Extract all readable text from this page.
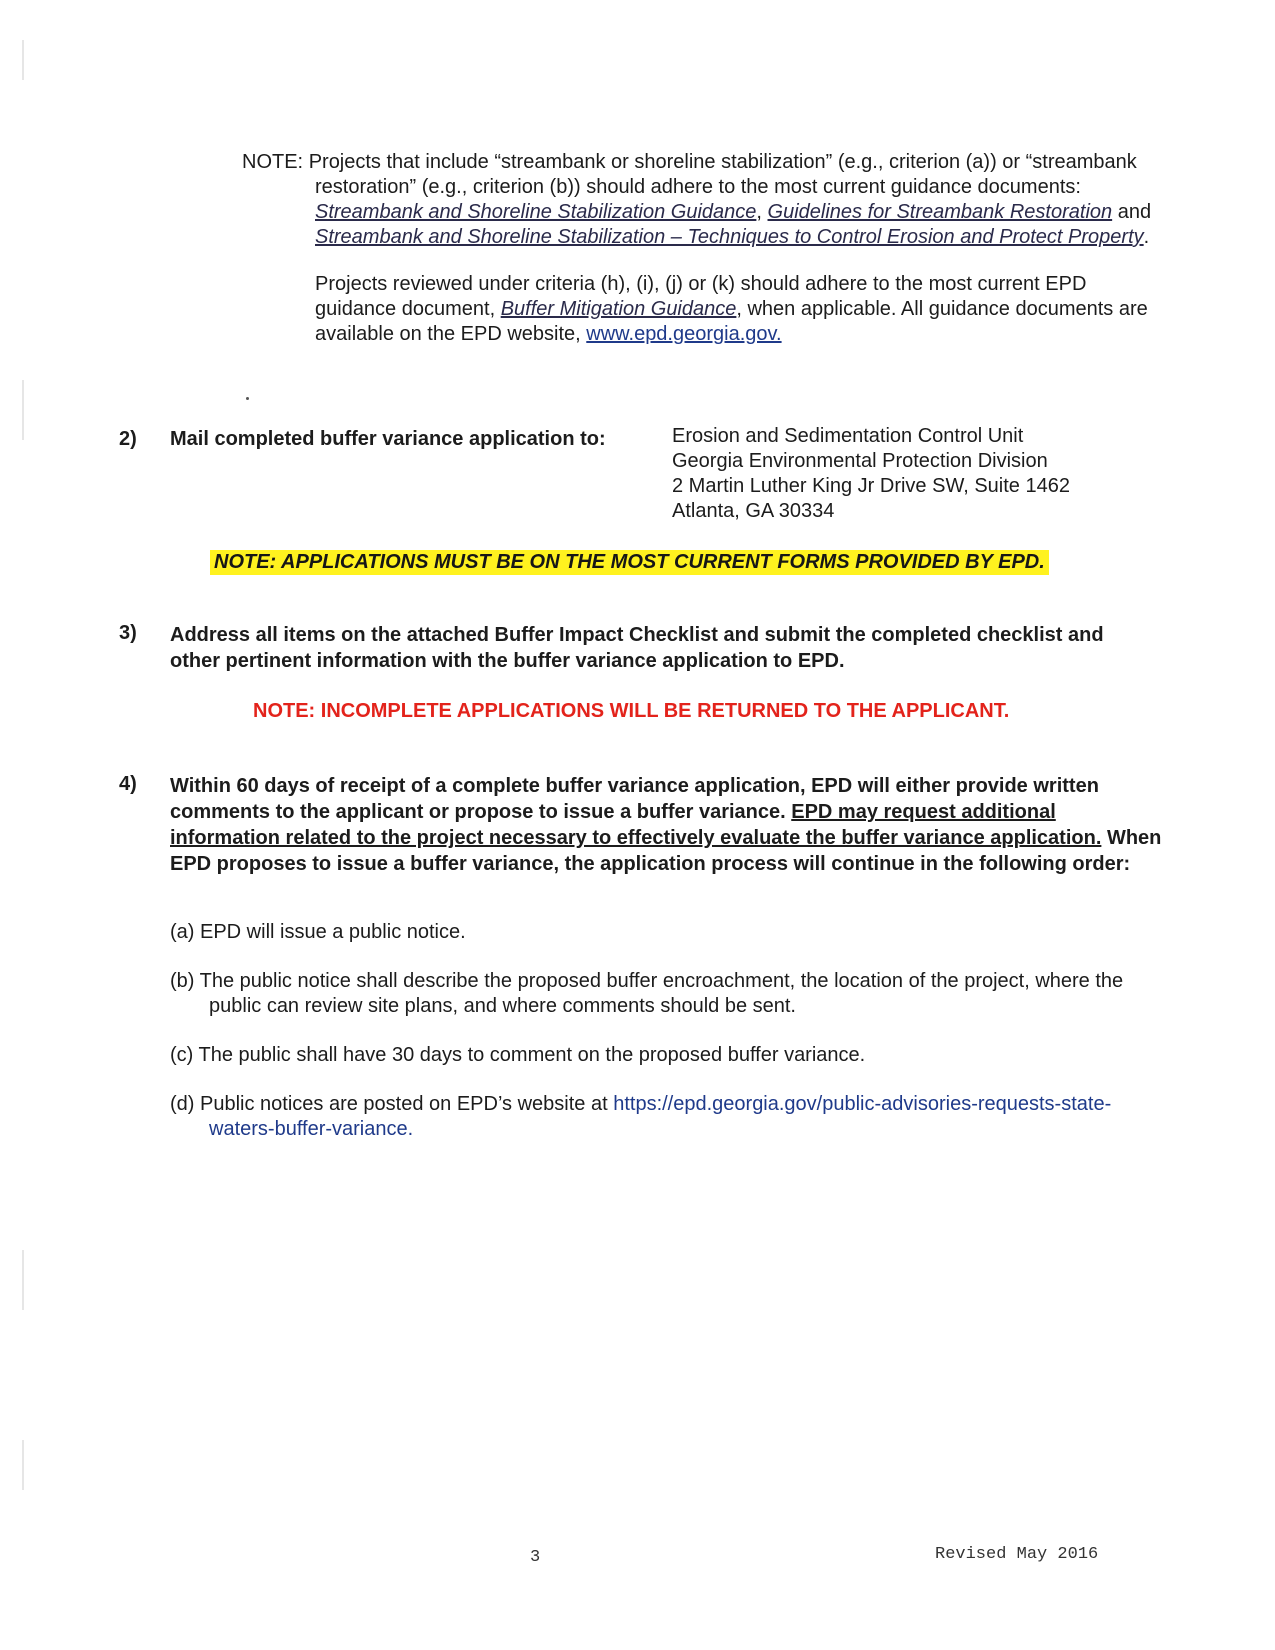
NOTE: Projects that include “streambank or shoreline stabilization” (e.g., criterion (a)) or “streambank restoration” (e.g., criterion (b)) should adhere to the most current guidance documents: Streambank and Shoreline Stabilization Guidance, Guidelines for Streambank Restoration and Streambank and Shoreline Stabilization – Techniques to Control Erosion and Protect Property.

Projects reviewed under criteria (h), (i), (j) or (k) should adhere to the most current EPD guidance document, Buffer Mitigation Guidance, when applicable. All guidance documents are available on the EPD website, www.epd.georgia.gov.

2) Mail completed buffer variance application to:	Erosion and Sedimentation Control Unit
Georgia Environmental Protection Division
2 Martin Luther King Jr Drive SW, Suite 1462
Atlanta, GA 30334
NOTE: APPLICATIONS MUST BE ON THE MOST CURRENT FORMS PROVIDED BY EPD.
3) Address all items on the attached Buffer Impact Checklist and submit the completed checklist and other pertinent information with the buffer variance application to EPD.
NOTE: INCOMPLETE APPLICATIONS WILL BE RETURNED TO THE APPLICANT.
4) Within 60 days of receipt of a complete buffer variance application, EPD will either provide written comments to the applicant or propose to issue a buffer variance. EPD may request additional information related to the project necessary to effectively evaluate the buffer variance application. When EPD proposes to issue a buffer variance, the application process will continue in the following order:

(a) EPD will issue a public notice.

(b) The public notice shall describe the proposed buffer encroachment, the location of the project, where the public can review site plans, and where comments should be sent.

(c) The public shall have 30 days to comment on the proposed buffer variance.

(d) Public notices are posted on EPD’s website at https://epd.georgia.gov/public-advisories-requests-state-waters-buffer-variance.

3	Revised May 2016
